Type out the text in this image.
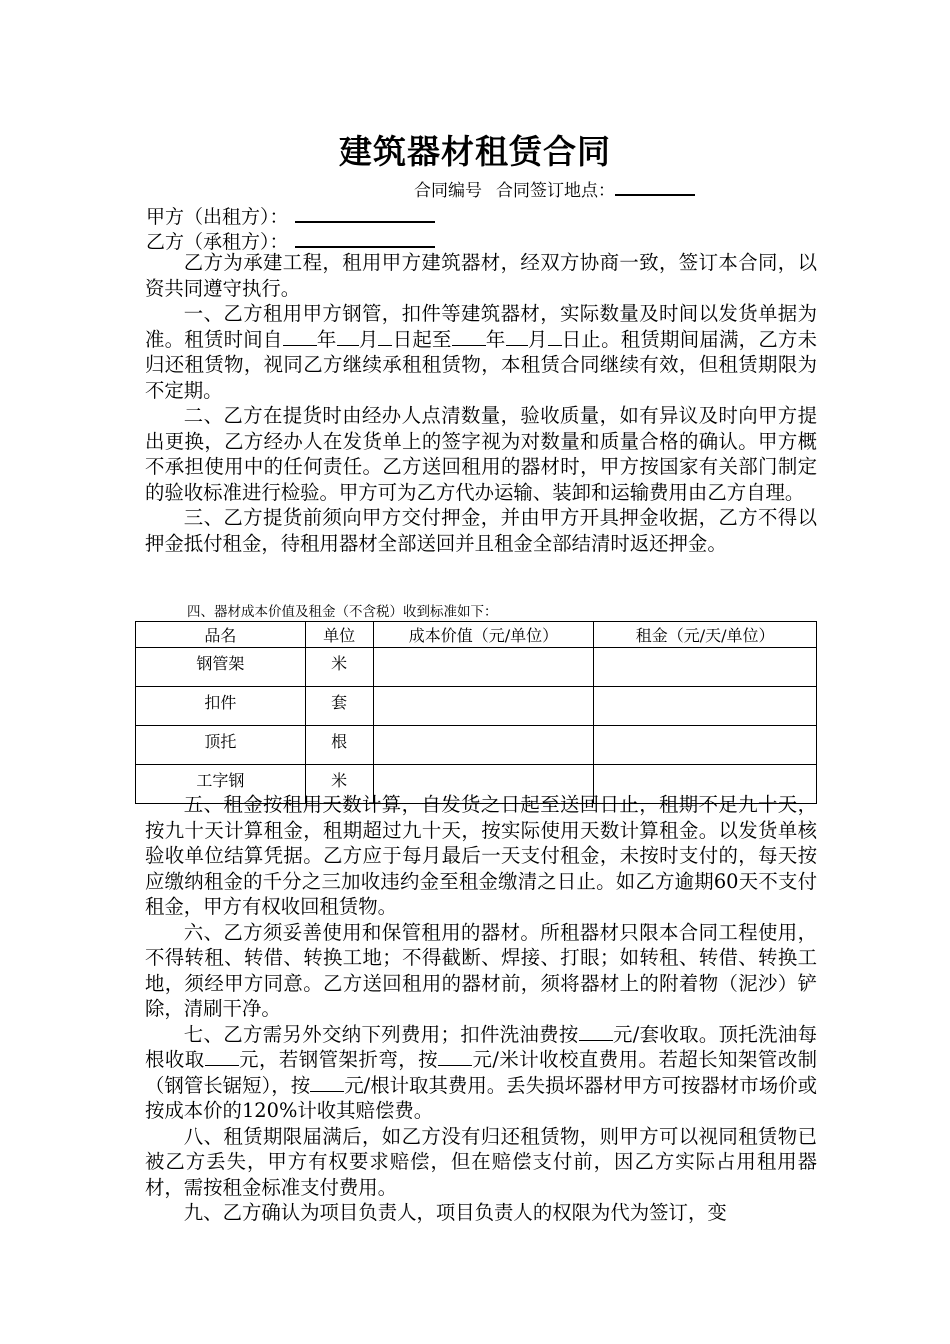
建筑器材租赁合同
合同编号 合同签订地点：
甲方（出租方）：
乙方（承租方）：

乙方为承建工程，租用甲方建筑器材，经双方协商一致，签订本合同，以资共同遵守执行。

一、乙方租用甲方钢管，扣件等建筑器材，实际数量及时间以发货单据为准。租赁时间自 年 月 日起至 年 月 日止。租赁期间届满，乙方未归还租赁物，视同乙方继续承租租赁物，本租赁合同继续有效，但租赁期限为不定期。

二、乙方在提货时由经办人点清数量，验收质量，如有异议及时向甲方提出更换，乙方经办人在发货单上的签字视为对数量和质量合格的确认。甲方概不承担使用中的任何责任。乙方送回租用的器材时，甲方按国家有关部门制定的验收标准进行检验。甲方可为乙方代办运输、装卸和运输费用由乙方自理。

三、乙方提货前须向甲方交付押金，并由甲方开具押金收据，乙方不得以押金抵付租金，待租用器材全部送回并且租金全部结清时返还押金。

四、器材成本价值及租金（不含税）收到标准如下：
品名	单位	成本价值（元/单位）	租金（元/天/单位）
钢管架	米		
扣件	套		
顶托	根		
工字钢	米		

五、租金按租用天数计算，自发货之日起至送回日止，租期不足九十天，按九十天计算租金，租期超过九十天，按实际使用天数计算租金。以发货单核验收单位结算凭据。乙方应于每月最后一天支付租金，未按时支付的，每天按应缴纳租金的千分之三加收违约金至租金缴清之日止。如乙方逾期60天不支付租金，甲方有权收回租赁物。

六、乙方须妥善使用和保管租用的器材。所租器材只限本合同工程使用，不得转租、转借、转换工地；不得截断、焊接、打眼；如转租、转借、转换工地，须经甲方同意。乙方送回租用的器材前，须将器材上的附着物（泥沙）铲除，清刷干净。

七、乙方需另外交纳下列费用；扣件洗油费按 元/套收取。顶托洗油每根收取 元，若钢管架折弯，按 元/米计收校直费用。若超长知架管改制（钢管长锯短），按 元/根计取其费用。丢失损坏器材甲方可按器材市场价或按成本价的120%计收其赔偿费。

八、租赁期限届满后，如乙方没有归还租赁物，则甲方可以视同租赁物已被乙方丢失，甲方有权要求赔偿，但在赔偿支付前，因乙方实际占用租用器材，需按租金标准支付费用。

九、乙方确认为项目负责人，项目负责人的权限为代为签订，变
